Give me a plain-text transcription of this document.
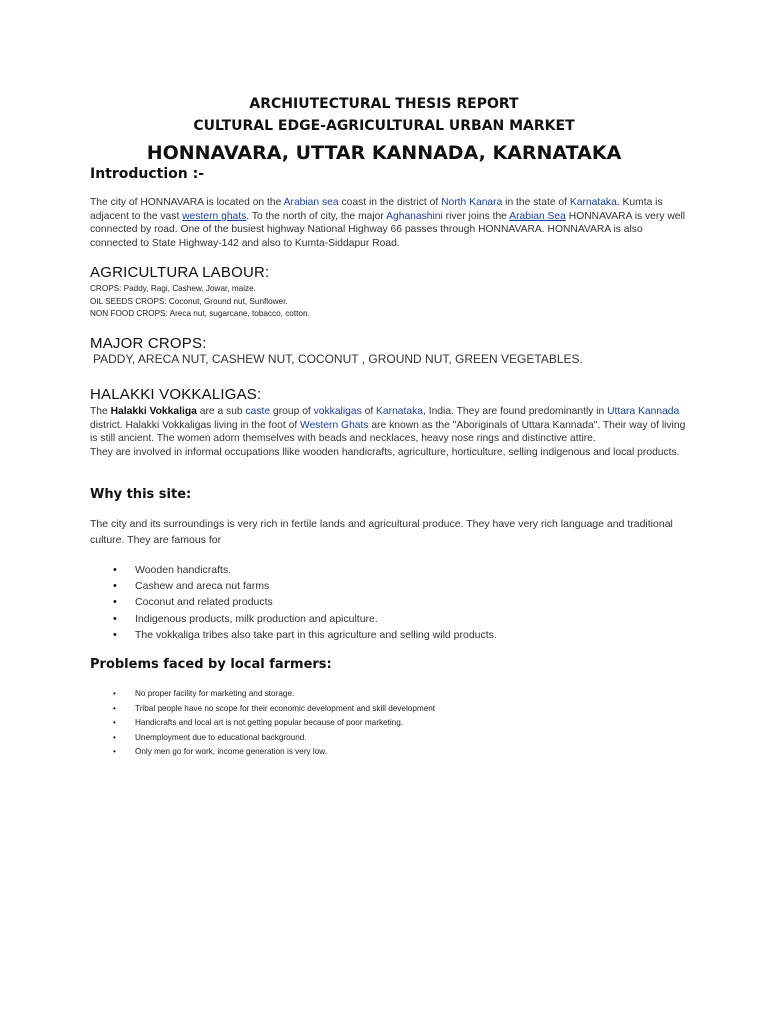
ARCHIUTECTURAL THESIS REPORT
CULTURAL EDGE-AGRICULTURAL URBAN MARKET
HONNAVARA, UTTAR KANNADA, KARNATAKA
Introduction :-

The city of HONNAVARA is located on the Arabian sea coast in the district of North Kanara in the state of Karnataka. Kumta is adjacent to the vast western ghats. To the north of city, the major Aghanashini river joins the Arabian Sea HONNAVARA is very well connected by road. One of the busiest highway National Highway 66 passes through HONNAVARA. HONNAVARA is also connected to State Highway-142 and also to Kumta-Siddapur Road.

AGRICULTURA LABOUR:

CROPS: Paddy, Ragi, Cashew, Jowar, maize.

OIL SEEDS CROPS: Coconut, Ground nut, Sunflower.

NON FOOD CROPS: Areca nut, sugarcane, tobacco, cotton.

MAJOR CROPS:

PADDY, ARECA NUT, CASHEW NUT, COCONUT , GROUND NUT, GREEN VEGETABLES.

HALAKKI VOKKALIGAS:

The Halakki Vokkaliga are a sub caste group of vokkaligas of Karnataka, India. They are found predominantly in Uttara Kannada district. Halakki Vokkaligas living in the foot of Western Ghats are known as the "Aboriginals of Uttara Kannada". Their way of living is still ancient. The women adorn themselves with beads and necklaces, heavy nose rings and distinctive attire.

They are involved in informal occupations llike wooden handicrafts, agriculture, horticulture, selling indigenous and local products.

Why this site:

The city and its surroundings is very rich in fertile lands and agricultural produce. They have very rich language and traditional culture. They are famous for

• Wooden handicrafts.
• Cashew and areca nut farms
• Coconut and related products
• Indigenous products, milk production and apiculture.
• The vokkaliga tribes also take part in this agriculture and selling wild products.
Problems faced by local farmers:
• No proper facility for marketing and storage.
• Tribal people have no scope for their economic development and skill development
• Handicrafts and local art is not getting popular because of poor marketing.
• Unemployment due to educational background.
• Only men go for work, income generation is very low.
